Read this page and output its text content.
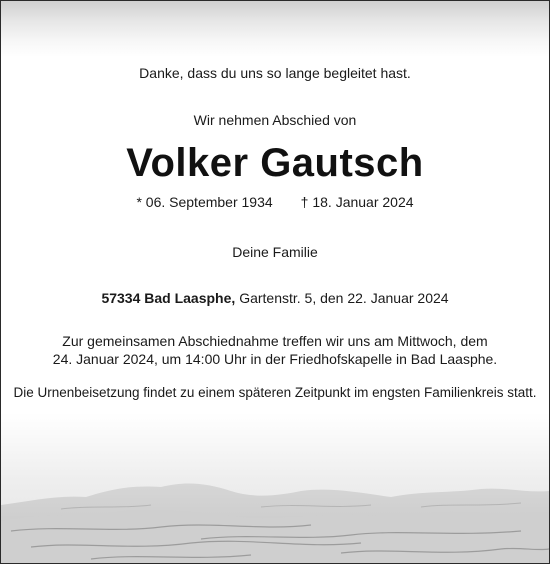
Danke, dass du uns so lange begleitet hast.
Wir nehmen Abschied von
Volker Gautsch
* 06. September 1934 † 18. Januar 2024
Deine Familie
57334 Bad Laasphe, Gartenstr. 5, den 22. Januar 2024
Zur gemeinsamen Abschiednahme treffen wir uns am Mittwoch, dem
24. Januar 2024, um 14:00 Uhr in der Friedhofskapelle in Bad Laasphe.
Die Urnenbeisetzung findet zu einem späteren Zeitpunkt im engsten Familienkreis statt.
